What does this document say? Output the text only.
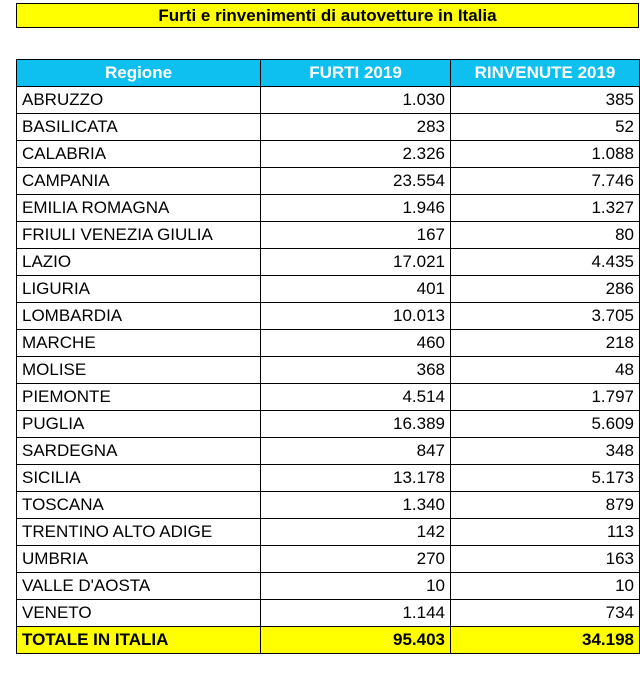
Furti e rinvenimenti di autovetture in Italia
Regione	FURTI 2019	RINVENUTE 2019
ABRUZZO	1.030	385
BASILICATA	283	52
CALABRIA	2.326	1.088
CAMPANIA	23.554	7.746
EMILIA ROMAGNA	1.946	1.327
FRIULI VENEZIA GIULIA	167	80
LAZIO	17.021	4.435
LIGURIA	401	286
LOMBARDIA	10.013	3.705
MARCHE	460	218
MOLISE	368	48
PIEMONTE	4.514	1.797
PUGLIA	16.389	5.609
SARDEGNA	847	348
SICILIA	13.178	5.173
TOSCANA	1.340	879
TRENTINO ALTO ADIGE	142	113
UMBRIA	270	163
VALLE D'AOSTA	10	10
VENETO	1.144	734
TOTALE IN ITALIA	95.403	34.198
